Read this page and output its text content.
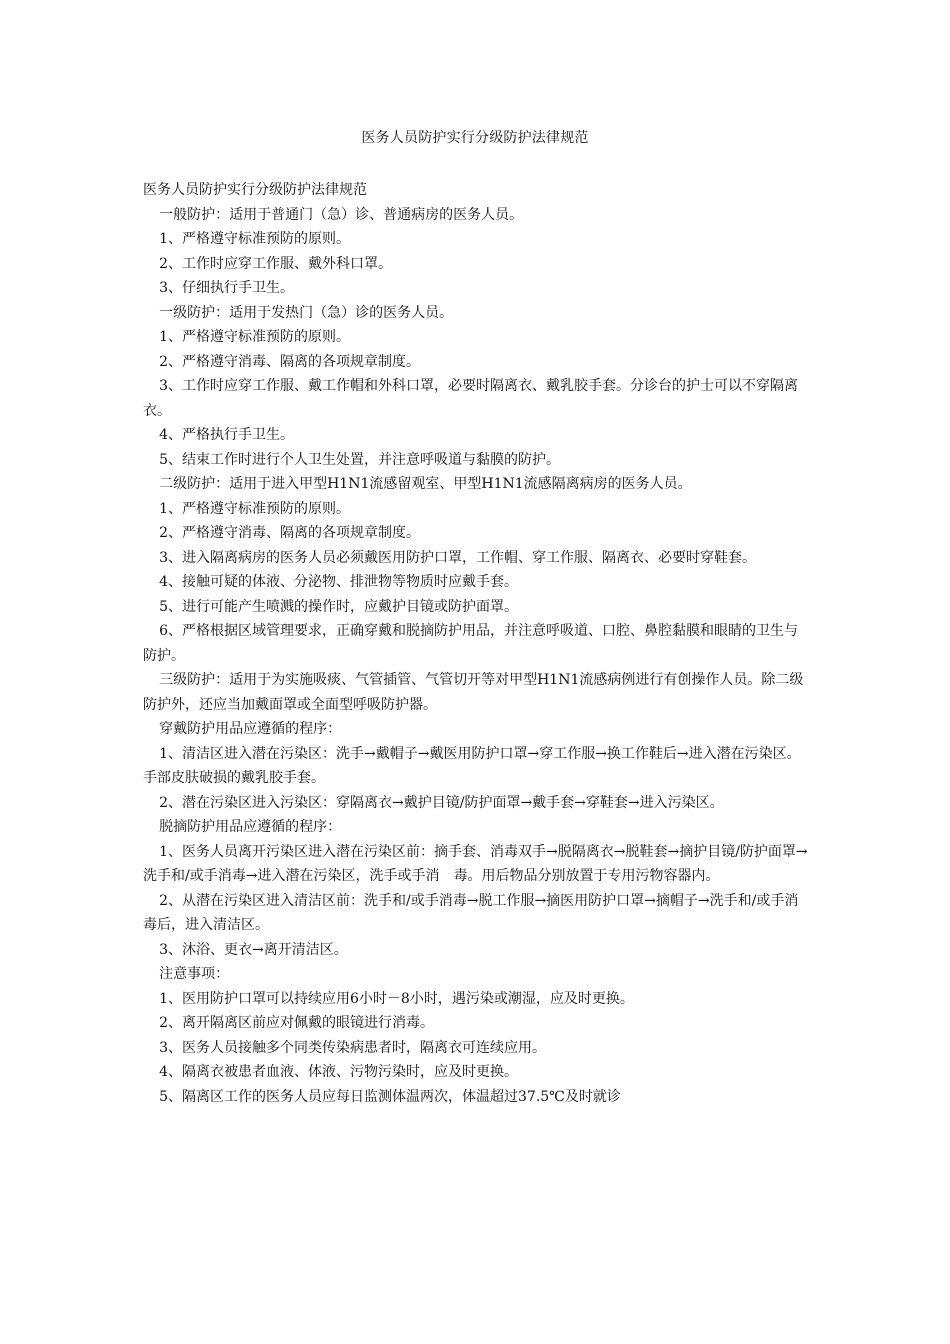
医务人员防护实行分级防护法律规范

医务人员防护实行分级防护法律规范

一般防护：适用于普通门（急）诊、普通病房的医务人员。

1、严格遵守标准预防的原则。

2、工作时应穿工作服、戴外科口罩。

3、仔细执行手卫生。

一级防护：适用于发热门（急）诊的医务人员。

1、严格遵守标准预防的原则。

2、严格遵守消毒、隔离的各项规章制度。

3、工作时应穿工作服、戴工作帽和外科口罩，必要时隔离衣、戴乳胶手套。分诊台的护士可以不穿隔离衣。

4、严格执行手卫生。

5、结束工作时进行个人卫生处置，并注意呼吸道与黏膜的防护。

二级防护：适用于进入甲型H1N1流感留观室、甲型H1N1流感隔离病房的医务人员。

1、严格遵守标准预防的原则。

2、严格遵守消毒、隔离的各项规章制度。

3、进入隔离病房的医务人员必须戴医用防护口罩，工作帽、穿工作服、隔离衣、必要时穿鞋套。

4、接触可疑的体液、分泌物、排泄物等物质时应戴手套。

5、进行可能产生喷溅的操作时，应戴护目镜或防护面罩。

6、严格根据区域管理要求，正确穿戴和脱摘防护用品，并注意呼吸道、口腔、鼻腔黏膜和眼睛的卫生与防护。

三级防护：适用于为实施吸痰、气管插管、气管切开等对甲型H1N1流感病例进行有创操作人员。除二级防护外，还应当加戴面罩或全面型呼吸防护器。

穿戴防护用品应遵循的程序：

1、清洁区进入潜在污染区：洗手→戴帽子→戴医用防护口罩→穿工作服→换工作鞋后→进入潜在污染区。手部皮肤破损的戴乳胶手套。

2、潜在污染区进入污染区：穿隔离衣→戴护目镜/防护面罩→戴手套→穿鞋套→进入污染区。

脱摘防护用品应遵循的程序：

1、医务人员离开污染区进入潜在污染区前：摘手套、消毒双手→脱隔离衣→脱鞋套→摘护目镜/防护面罩→洗手和/或手消毒→进入潜在污染区，洗手或手消　毒。用后物品分别放置于专用污物容器内。

2、从潜在污染区进入清洁区前：洗手和/或手消毒→脱工作服→摘医用防护口罩→摘帽子→洗手和/或手消毒后，进入清洁区。

3、沐浴、更衣→离开清洁区。

注意事项：

1、医用防护口罩可以持续应用6小时－8小时，遇污染或潮湿，应及时更换。

2、离开隔离区前应对佩戴的眼镜进行消毒。

3、医务人员接触多个同类传染病患者时，隔离衣可连续应用。

4、隔离衣被患者血液、体液、污物污染时，应及时更换。

5、隔离区工作的医务人员应每日监测体温两次，体温超过37.5℃及时就诊
